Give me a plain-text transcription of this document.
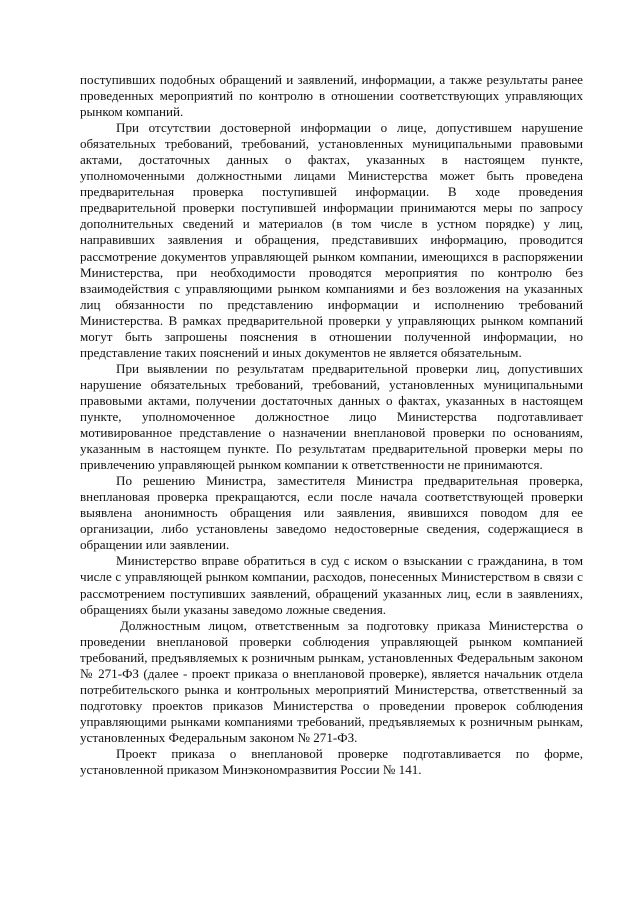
поступивших подобных обращений и заявлений, информации, а также результаты ранее проведенных мероприятий по контролю в отношении соответствующих управляющих рынком компаний.

При отсутствии достоверной информации о лице, допустившем нарушение обязательных требований, требований, установленных муниципальными правовыми актами, достаточных данных о фактах, указанных в настоящем пункте, уполномоченными должностными лицами Министерства может быть проведена предварительная проверка поступившей информации. В ходе проведения предварительной проверки поступившей информации принимаются меры по запросу дополнительных сведений и материалов (в том числе в устном порядке) у лиц, направивших заявления и обращения, представивших информацию, проводится рассмотрение документов управляющей рынком компании, имеющихся в распоряжении Министерства, при необходимости проводятся мероприятия по контролю без взаимодействия с управляющими рынком компаниями и без возложения на указанных лиц обязанности по представлению информации и исполнению требований Министерства. В рамках предварительной проверки у управляющих рынком компаний могут быть запрошены пояснения в отношении полученной информации, но представление таких пояснений и иных документов не является обязательным.

При выявлении по результатам предварительной проверки лиц, допустивших нарушение обязательных требований, требований, установленных муниципальными правовыми актами, получении достаточных данных о фактах, указанных в настоящем пункте, уполномоченное должностное лицо Министерства подготавливает мотивированное представление о назначении внеплановой проверки по основаниям, указанным в настоящем пункте. По результатам предварительной проверки меры по привлечению управляющей рынком компании к ответственности не принимаются.

По решению Министра, заместителя Министра предварительная проверка, внеплановая проверка прекращаются, если после начала соответствующей проверки выявлена анонимность обращения или заявления, явившихся поводом для ее организации, либо установлены заведомо недостоверные сведения, содержащиеся в обращении или заявлении.

Министерство вправе обратиться в суд с иском о взыскании с гражданина, в том числе с управляющей рынком компании, расходов, понесенных Министерством в связи с рассмотрением поступивших заявлений, обращений указанных лиц, если в заявлениях, обращениях были указаны заведомо ложные сведения.

Должностным лицом, ответственным за подготовку приказа Министерства о проведении внеплановой проверки соблюдения управляющей рынком компанией требований, предъявляемых к розничным рынкам, установленных Федеральным законом № 271-ФЗ (далее - проект приказа о внеплановой проверке), является начальник отдела потребительского рынка и контрольных мероприятий Министерства, ответственный за подготовку проектов приказов Министерства о проведении проверок соблюдения управляющими рынками компаниями требований, предъявляемых к розничным рынкам, установленных Федеральным законом № 271-ФЗ.

Проект приказа о внеплановой проверке подготавливается по форме, установленной приказом Минэкономразвития России № 141.
